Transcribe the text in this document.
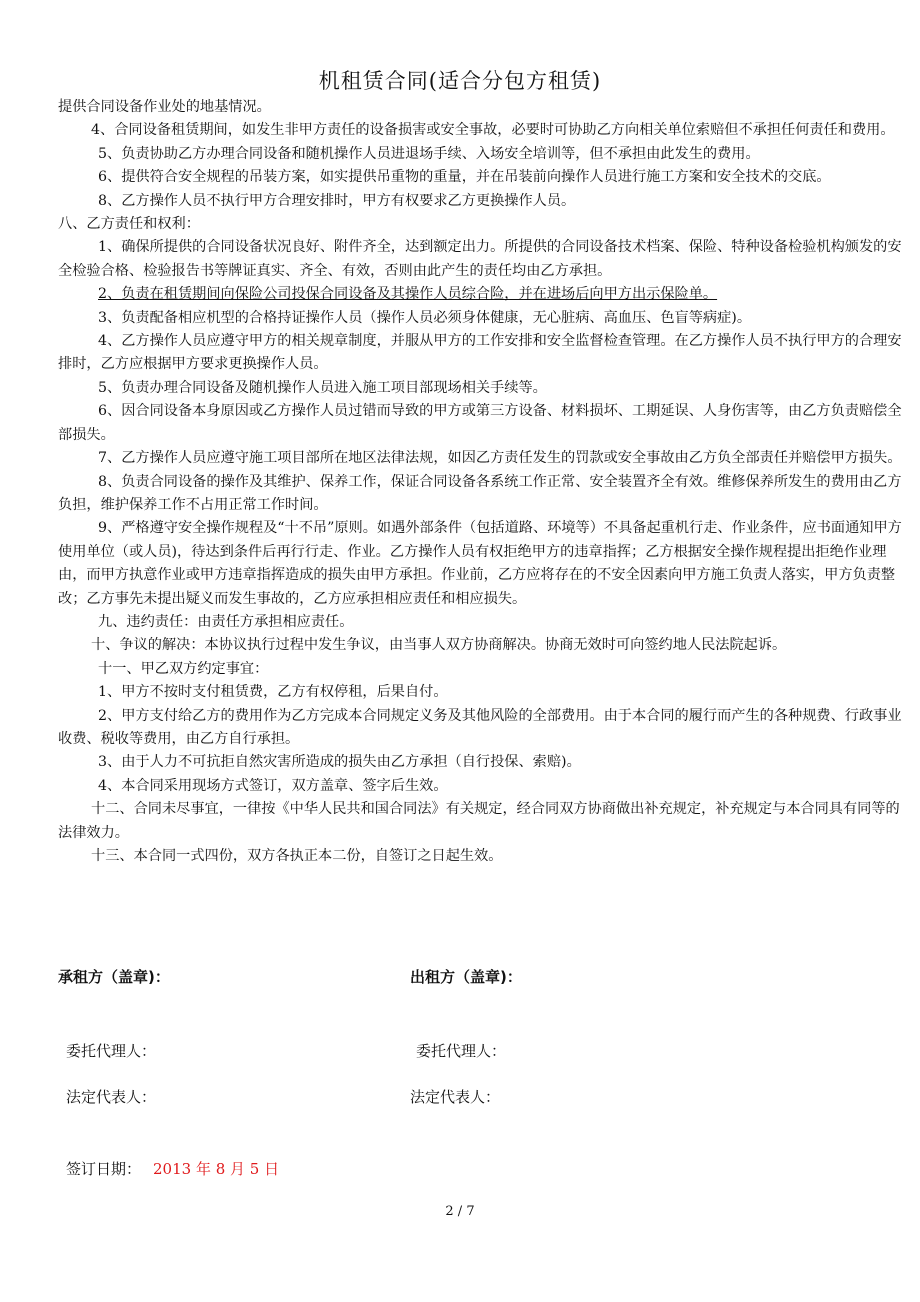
机租赁合同(适合分包方租赁)

提供合同设备作业处的地基情况。

4、合同设备租赁期间，如发生非甲方责任的设备损害或安全事故，必要时可协助乙方向相关单位索赔但不承担任何责任和费用。

5、负责协助乙方办理合同设备和随机操作人员进退场手续、入场安全培训等，但不承担由此发生的费用。

6、提供符合安全规程的吊装方案，如实提供吊重物的重量，并在吊装前向操作人员进行施工方案和安全技术的交底。

8、乙方操作人员不执行甲方合理安排时，甲方有权要求乙方更换操作人员。

八、乙方责任和权利：

1、确保所提供的合同设备状况良好、附件齐全，达到额定出力。所提供的合同设备技术档案、保险、特种设备检验机构颁发的安全检验合格、检验报告书等牌证真实、齐全、有效，否则由此产生的责任均由乙方承担。

2、负责在租赁期间向保险公司投保合同设备及其操作人员综合险，并在进场后向甲方出示保险单。

3、负责配备相应机型的合格持证操作人员（操作人员必须身体健康，无心脏病、高血压、色盲等病症)。

4、乙方操作人员应遵守甲方的相关规章制度，并服从甲方的工作安排和安全监督检查管理。在乙方操作人员不执行甲方的合理安排时，乙方应根据甲方要求更换操作人员。

5、负责办理合同设备及随机操作人员进入施工项目部现场相关手续等。

6、因合同设备本身原因或乙方操作人员过错而导致的甲方或第三方设备、材料损坏、工期延误、人身伤害等，由乙方负责赔偿全部损失。

7、乙方操作人员应遵守施工项目部所在地区法律法规，如因乙方责任发生的罚款或安全事故由乙方负全部责任并赔偿甲方损失。

8、负责合同设备的操作及其维护、保养工作，保证合同设备各系统工作正常、安全装置齐全有效。维修保养所发生的费用由乙方负担，维护保养工作不占用正常工作时间。

9、严格遵守安全操作规程及“十不吊”原则。如遇外部条件（包括道路、环境等）不具备起重机行走、作业条件，应书面通知甲方使用单位（或人员)，待达到条件后再行行走、作业。乙方操作人员有权拒绝甲方的违章指挥；乙方根据安全操作规程提出拒绝作业理由，而甲方执意作业或甲方违章指挥造成的损失由甲方承担。作业前，乙方应将存在的不安全因素向甲方施工负责人落实，甲方负责整改；乙方事先未提出疑义而发生事故的，乙方应承担相应责任和相应损失。

九、违约责任：由责任方承担相应责任。

十、争议的解决：本协议执行过程中发生争议，由当事人双方协商解决。协商无效时可向签约地人民法院起诉。

十一、甲乙双方约定事宜：

1、甲方不按时支付租赁费，乙方有权停租，后果自付。

2、甲方支付给乙方的费用作为乙方完成本合同规定义务及其他风险的全部费用。由于本合同的履行而产生的各种规费、行政事业收费、税收等费用，由乙方自行承担。

3、由于人力不可抗拒自然灾害所造成的损失由乙方承担（自行投保、索赔)。

4、本合同采用现场方式签订，双方盖章、签字后生效。

十二、合同未尽事宜，一律按《中华人民共和国合同法》有关规定，经合同双方协商做出补充规定，补充规定与本合同具有同等的法律效力。

十三、本合同一式四份，双方各执正本二份，自签订之日起生效。

承租方（盖章)：	出租方（盖章)：
委托代理人：	委托代理人：
法定代表人：	法定代表人：
签订日期： 2013 年 8 月 5 日
2 / 7
